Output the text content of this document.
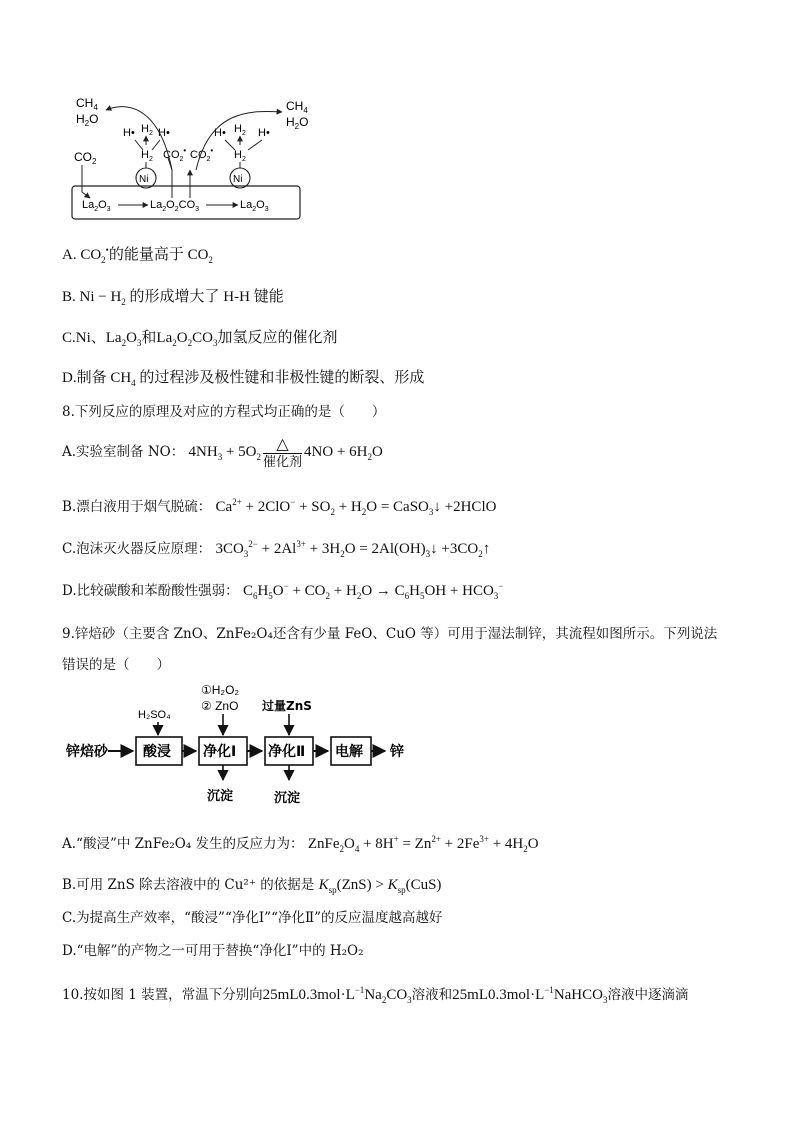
$CH_4$
$H_2O$
$CH_4$
$H_2O$
$CO_2$
H• $H_2$ H•
$H_2$ $CO_2^•$ $CO_2^•$
H• $H_2$ H•
$H_2$
Ni	Ni
$La_2O_3$	$La_2O_2CO_3$	$La_2O_3$
A. $CO_2^•$的能量高于 $CO_2$
B. $Ni - H_2$ 的形成增大了 H-H 键能
C.Ni、$La_2O_3$和$La_2O_2CO_3$加氢反应的催化剂
D.制备 $CH_4$ 的过程涉及极性键和非极性键的断裂、形成
8.下列反应的原理及对应的方程式均正确的是（　　）
A.实验室制备 NO： $4NH_3 + 5O_2 \frac{\triangle}{\text{催化剂}} 4NO + 6H_2O$
B.漂白液用于烟气脱硫： $Ca^{2+} + 2ClO^- + SO_2 + H_2O$ = CaSO$_3$↓ +2HClO
C.泡沫灭火器反应原理： $3CO_3^{2-} + 2Al^{3+} + 3H_2O$ = $2Al(OH)_3↓$ $+3CO_2↑$
D.比较碳酸和苯酚酸性强弱： $C_6H_5O^- + CO_2 + H_2O \to C_6H_5OH + HCO_3^-$
9.锌焙砂（主要含 ZnO、ZnFe₂O₄还含有少量 FeO、CuO 等）可用于湿法制锌，其流程如图所示。下列说法
错误的是（　　）
锌焙砂	酸浸 净化Ⅰ 净化Ⅱ 电解 锌
H₂SO₄
①H₂O₂
② ZnO 过量ZnS
沉淀	沉淀
A.“酸浸”中 ZnFe₂O₄ 发生的反应力为： $ZnFe_2O_4 + 8H^+ = Zn^{2+} + 2Fe^{3+} + 4H_2O$
B.可用 ZnS 除去溶液中的 Cu²⁺ 的依据是 $K_{sp}(ZnS) > K_{sp}(CuS)$
C.为提高生产效率，“酸浸”“净化Ⅰ”“净化Ⅱ”的反应温度越高越好
D.“电解”的产物之一可用于替换“净化Ⅰ”中的 H₂O₂
10.按如图 1 装置，常温下分别向$25mL0.3mol\cdot L^{-1}Na_2CO_3$溶液和$25mL0.3mol\cdot L^{-1}NaHCO_3$溶液中逐滴滴
